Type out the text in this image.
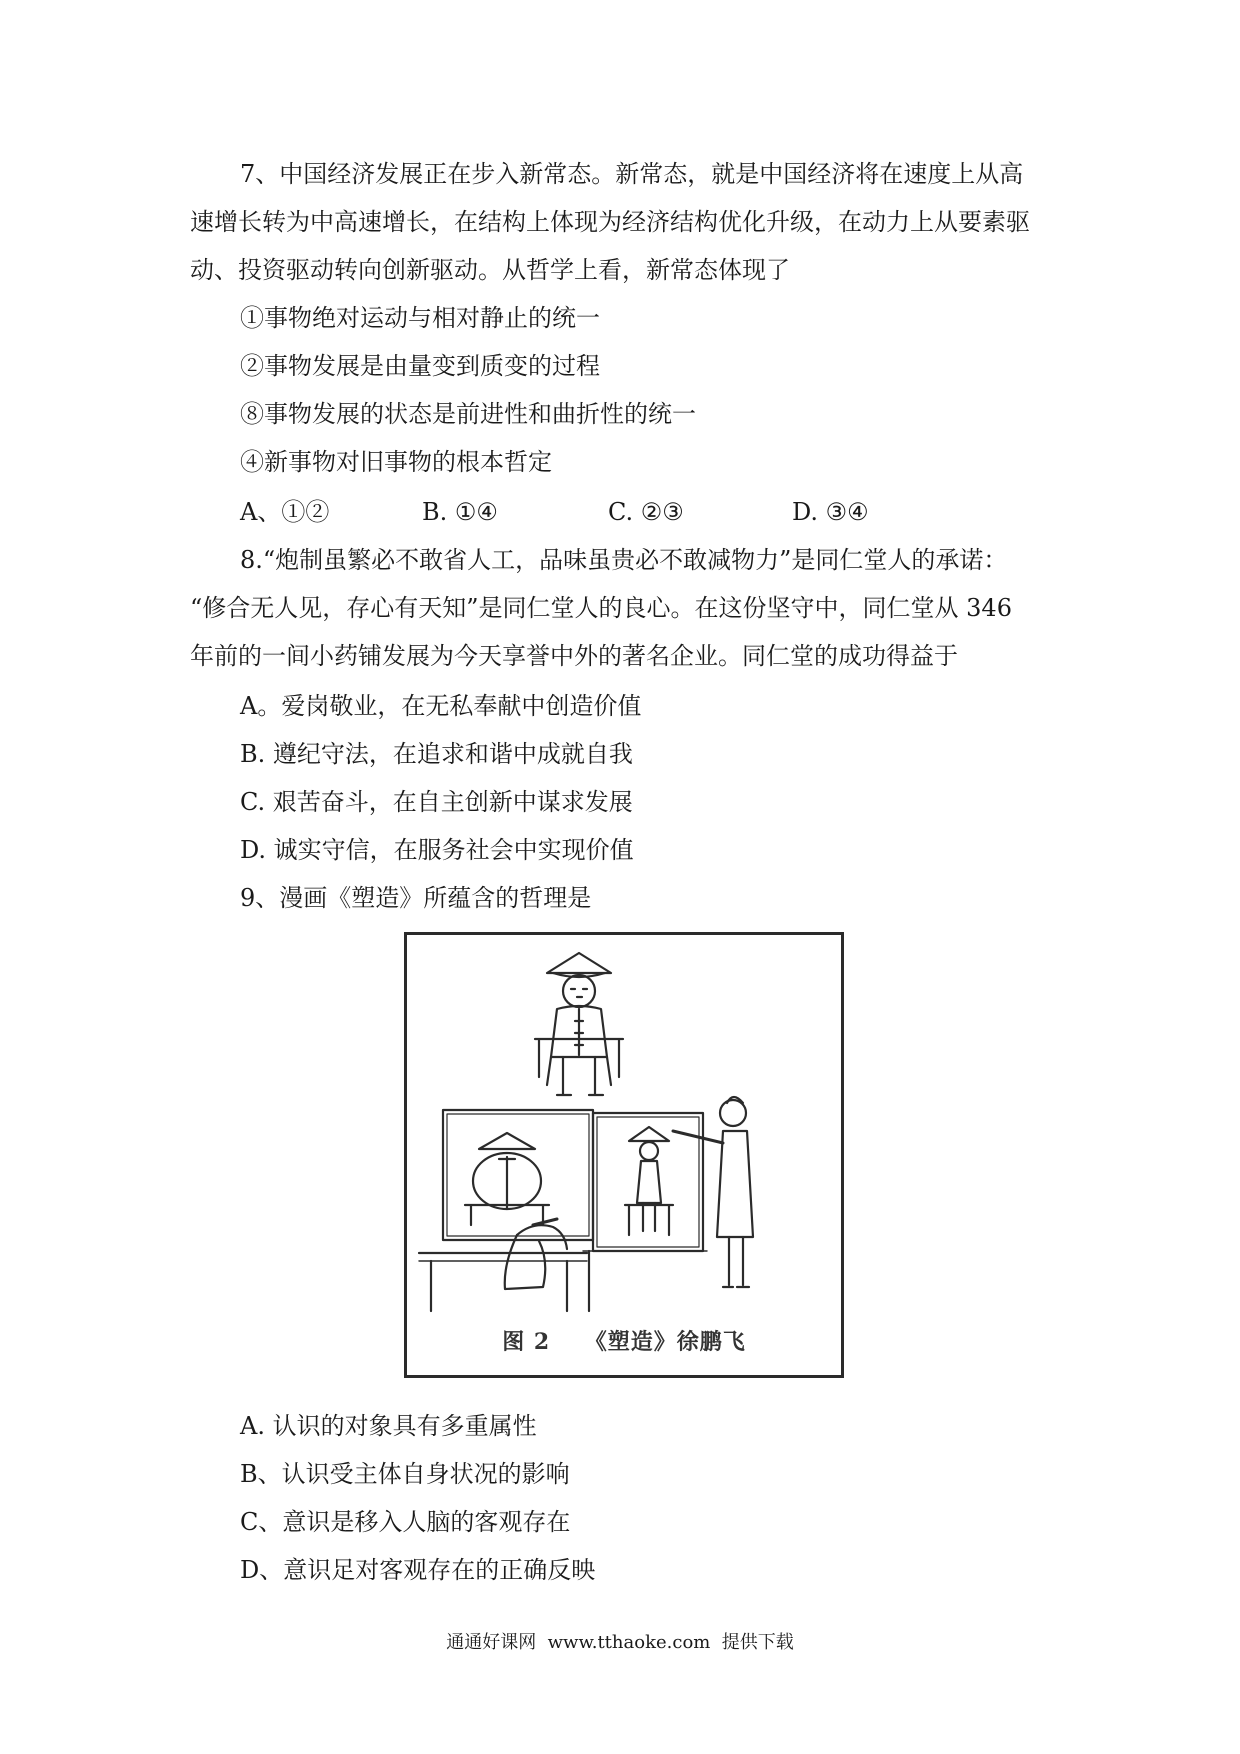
7、中国经济发展正在步入新常态。新常态，就是中国经济将在速度上从高
速增长转为中高速增长，在结构上体现为经济结构优化升级，在动力上从要素驱
动、投资驱动转向创新驱动。从哲学上看，新常态体现了
①事物绝对运动与相对静止的统一
②事物发展是由量变到质变的过程
⑧事物发展的状态是前进性和曲折性的统一
④新事物对旧事物的根本哲定

A、①②

	B. ①④

	C. ②③

	D. ③④

8.“炮制虽繁必不敢省人工，品味虽贵必不敢减物力”是同仁堂人的承诺：
“修合无人见，存心有天知”是同仁堂人的良心。在这份坚守中，同仁堂从 346
年前的一间小药铺发展为今天享誉中外的著名企业。同仁堂的成功得益于
A。爱岗敬业，在无私奉献中创造价值
B. 遵纪守法，在追求和谐中成就自我
C. 艰苦奋斗，在自主创新中谋求发展
D. 诚实守信，在服务社会中实现价值
9、漫画《塑造》所蕴含的哲理是
图 2    《塑造》徐鹏飞
A. 认识的对象具有多重属性
B、认识受主体自身状况的影响
C、意识是移入人脑的客观存在
D、意识足对客观存在的正确反映
通通好课网  www.tthaoke.com  提供下载
